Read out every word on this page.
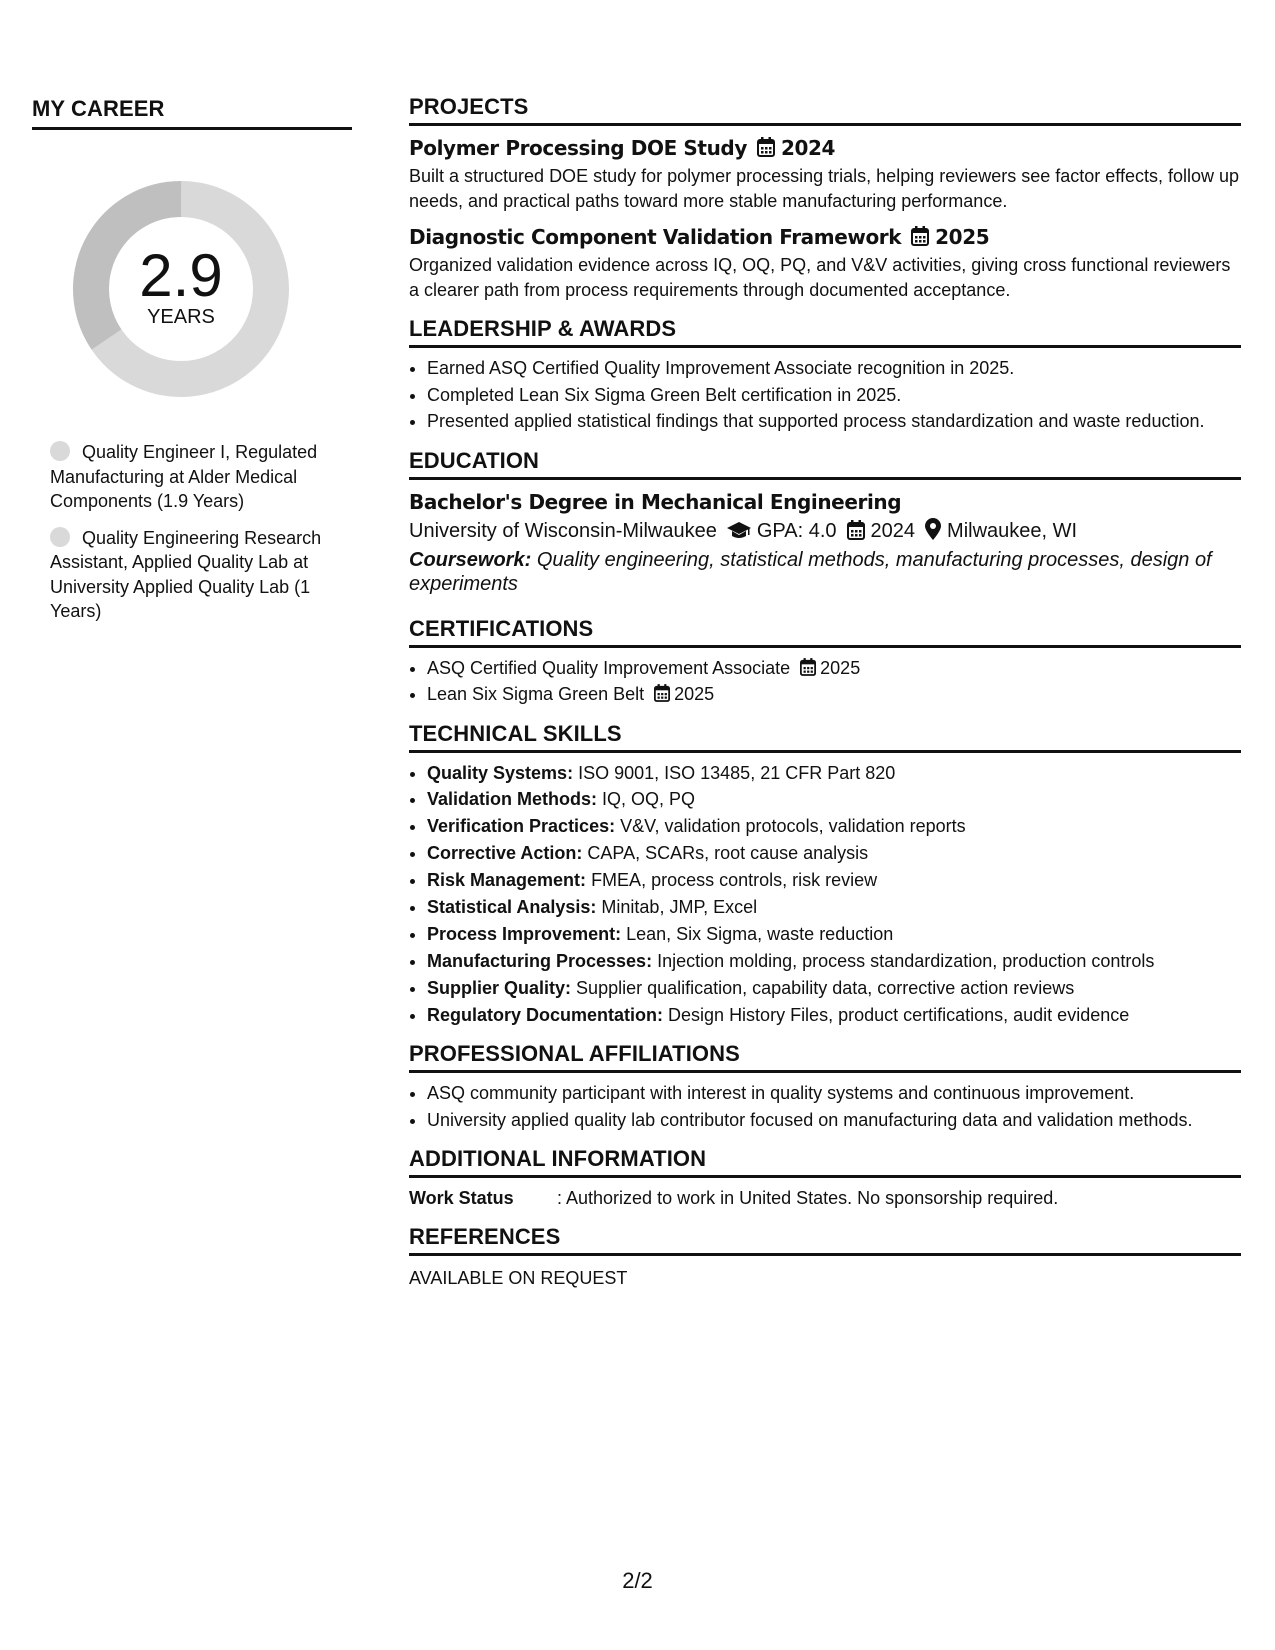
MY CAREER
2.9
YEARS
Quality Engineer I, Regulated Manufacturing at Alder Medical Components (1.9 Years)
Quality Engineering Research Assistant, Applied Quality Lab at University Applied Quality Lab (1 Years)
PROJECTS
Polymer Processing DOE Study 2024
Built a structured DOE study for polymer processing trials, helping reviewers see factor effects, follow up needs, and practical paths toward more stable manufacturing performance.
Diagnostic Component Validation Framework 2025
Organized validation evidence across IQ, OQ, PQ, and V&V activities, giving cross functional reviewers a clearer path from process requirements through documented acceptance.
LEADERSHIP & AWARDS
• Earned ASQ Certified Quality Improvement Associate recognition in 2025.
• Completed Lean Six Sigma Green Belt certification in 2025.
• Presented applied statistical findings that supported process standardization and waste reduction.
EDUCATION
Bachelor's Degree in Mechanical Engineering
University of Wisconsin-Milwaukee GPA: 4.0 2024 Milwaukee, WI
Coursework: Quality engineering, statistical methods, manufacturing processes, design of experiments
CERTIFICATIONS
• ASQ Certified Quality Improvement Associate 2025
• Lean Six Sigma Green Belt 2025
TECHNICAL SKILLS
• Quality Systems: ISO 9001, ISO 13485, 21 CFR Part 820
• Validation Methods: IQ, OQ, PQ
• Verification Practices: V&V, validation protocols, validation reports
• Corrective Action: CAPA, SCARs, root cause analysis
• Risk Management: FMEA, process controls, risk review
• Statistical Analysis: Minitab, JMP, Excel
• Process Improvement: Lean, Six Sigma, waste reduction
• Manufacturing Processes: Injection molding, process standardization, production controls
• Supplier Quality: Supplier qualification, capability data, corrective action reviews
• Regulatory Documentation: Design History Files, product certifications, audit evidence
PROFESSIONAL AFFILIATIONS
• ASQ community participant with interest in quality systems and continuous improvement.
• University applied quality lab contributor focused on manufacturing data and validation methods.
ADDITIONAL INFORMATION
Work Status : Authorized to work in United States. No sponsorship required.
REFERENCES
AVAILABLE ON REQUEST
2/2
